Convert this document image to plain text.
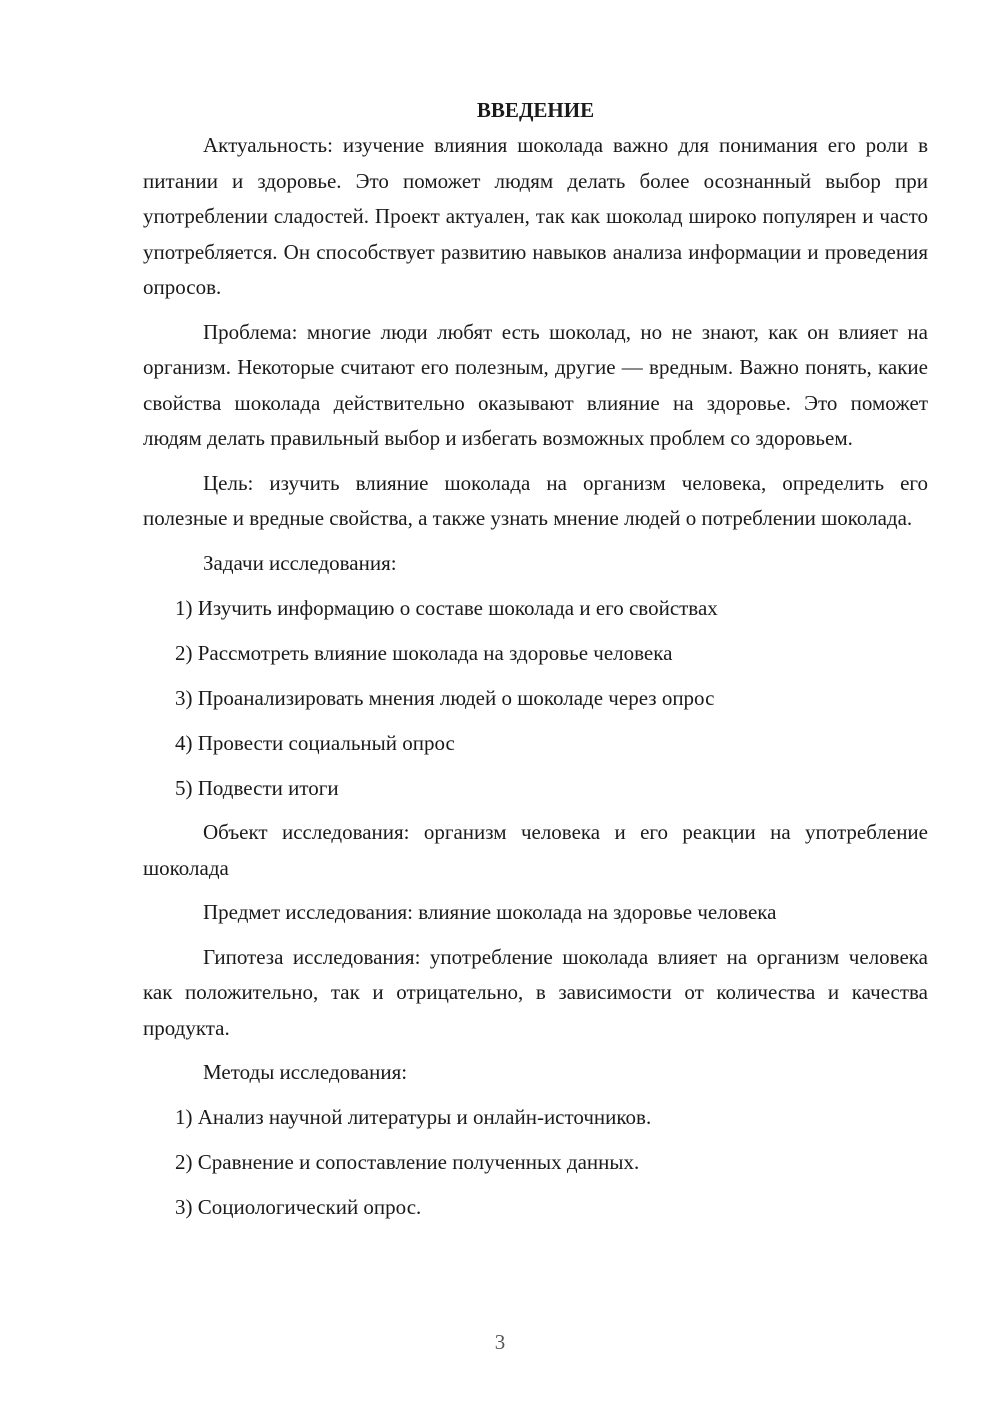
ВВЕДЕНИЕ

Актуальность: изучение влияния шоколада важно для понимания его роли в питании и здоровье. Это поможет людям делать более осознанный выбор при употреблении сладостей. Проект актуален, так как шоколад широко популярен и часто употребляется. Он способствует развитию навыков анализа информации и проведения опросов.

Проблема: многие люди любят есть шоколад, но не знают, как он влияет на организм. Некоторые считают его полезным, другие — вредным. Важно понять, какие свойства шоколада действительно оказывают влияние на здоровье. Это поможет людям делать правильный выбор и избегать возможных проблем со здоровьем.

Цель: изучить влияние шоколада на организм человека, определить его полезные и вредные свойства, а также узнать мнение людей о потреблении шоколада.

Задачи исследования:

1) Изучить информацию о составе шоколада и его свойствах

2) Рассмотреть влияние шоколада на здоровье человека

3) Проанализировать мнения людей о шоколаде через опрос

4) Провести социальный опрос

5) Подвести итоги

Объект исследования: организм человека и его реакции на употребление шоколада

Предмет исследования: влияние шоколада на здоровье человека

Гипотеза исследования: употребление шоколада влияет на организм человека как положительно, так и отрицательно, в зависимости от количества и качества продукта.

Методы исследования:

1) Анализ научной литературы и онлайн-источников.

2) Сравнение и сопоставление полученных данных.

3) Социологический опрос.

3
